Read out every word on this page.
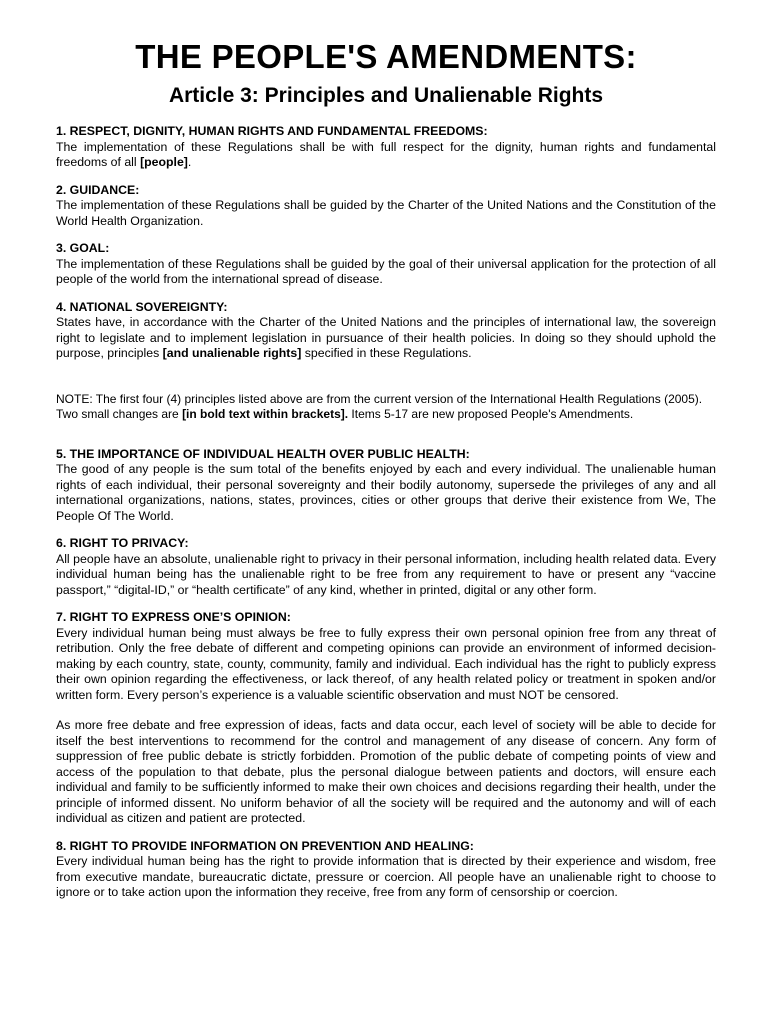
THE PEOPLE'S AMENDMENTS:
Article 3: Principles and Unalienable Rights
1. RESPECT, DIGNITY, HUMAN RIGHTS AND FUNDAMENTAL FREEDOMS:

The implementation of these Regulations shall be with full respect for the dignity, human rights and fundamental freedoms of all [people].

2. GUIDANCE:

The implementation of these Regulations shall be guided by the Charter of the United Nations and the Constitution of the World Health Organization.

3. GOAL:

The implementation of these Regulations shall be guided by the goal of their universal application for the protection of all people of the world from the international spread of disease.

4. NATIONAL SOVEREIGNTY:

States have, in accordance with the Charter of the United Nations and the principles of international law, the sovereign right to legislate and to implement legislation in pursuance of their health policies. In doing so they should uphold the purpose, principles [and unalienable rights] specified in these Regulations.

NOTE: The first four (4) principles listed above are from the current version of the International Health Regulations (2005). Two small changes are [in bold text within brackets]. Items 5-17 are new proposed People's Amendments.

5. THE IMPORTANCE OF INDIVIDUAL HEALTH OVER PUBLIC HEALTH:

The good of any people is the sum total of the benefits enjoyed by each and every individual. The unalienable human rights of each individual, their personal sovereignty and their bodily autonomy, supersede the privileges of any and all international organizations, nations, states, provinces, cities or other groups that derive their existence from We, The People Of The World.

6. RIGHT TO PRIVACY:

All people have an absolute, unalienable right to privacy in their personal information, including health related data. Every individual human being has the unalienable right to be free from any requirement to have or present any “vaccine passport,” “digital-ID,” or “health certificate” of any kind, whether in printed, digital or any other form.

7. RIGHT TO EXPRESS ONE’S OPINION:

Every individual human being must always be free to fully express their own personal opinion free from any threat of retribution. Only the free debate of different and competing opinions can provide an environment of informed decision-making by each country, state, county, community, family and individual. Each individual has the right to publicly express their own opinion regarding the effectiveness, or lack thereof, of any health related policy or treatment in spoken and/or written form. Every person’s experience is a valuable scientific observation and must NOT be censored.

As more free debate and free expression of ideas, facts and data occur, each level of society will be able to decide for itself the best interventions to recommend for the control and management of any disease of concern. Any form of suppression of free public debate is strictly forbidden. Promotion of the public debate of competing points of view and access of the population to that debate, plus the personal dialogue between patients and doctors, will ensure each individual and family to be sufficiently informed to make their own choices and decisions regarding their health, under the principle of informed dissent. No uniform behavior of all the society will be required and the autonomy and will of each individual as citizen and patient are protected.

8. RIGHT TO PROVIDE INFORMATION ON PREVENTION AND HEALING:

Every individual human being has the right to provide information that is directed by their experience and wisdom, free from executive mandate, bureaucratic dictate, pressure or coercion. All people have an unalienable right to choose to ignore or to take action upon the information they receive, free from any form of censorship or coercion.
